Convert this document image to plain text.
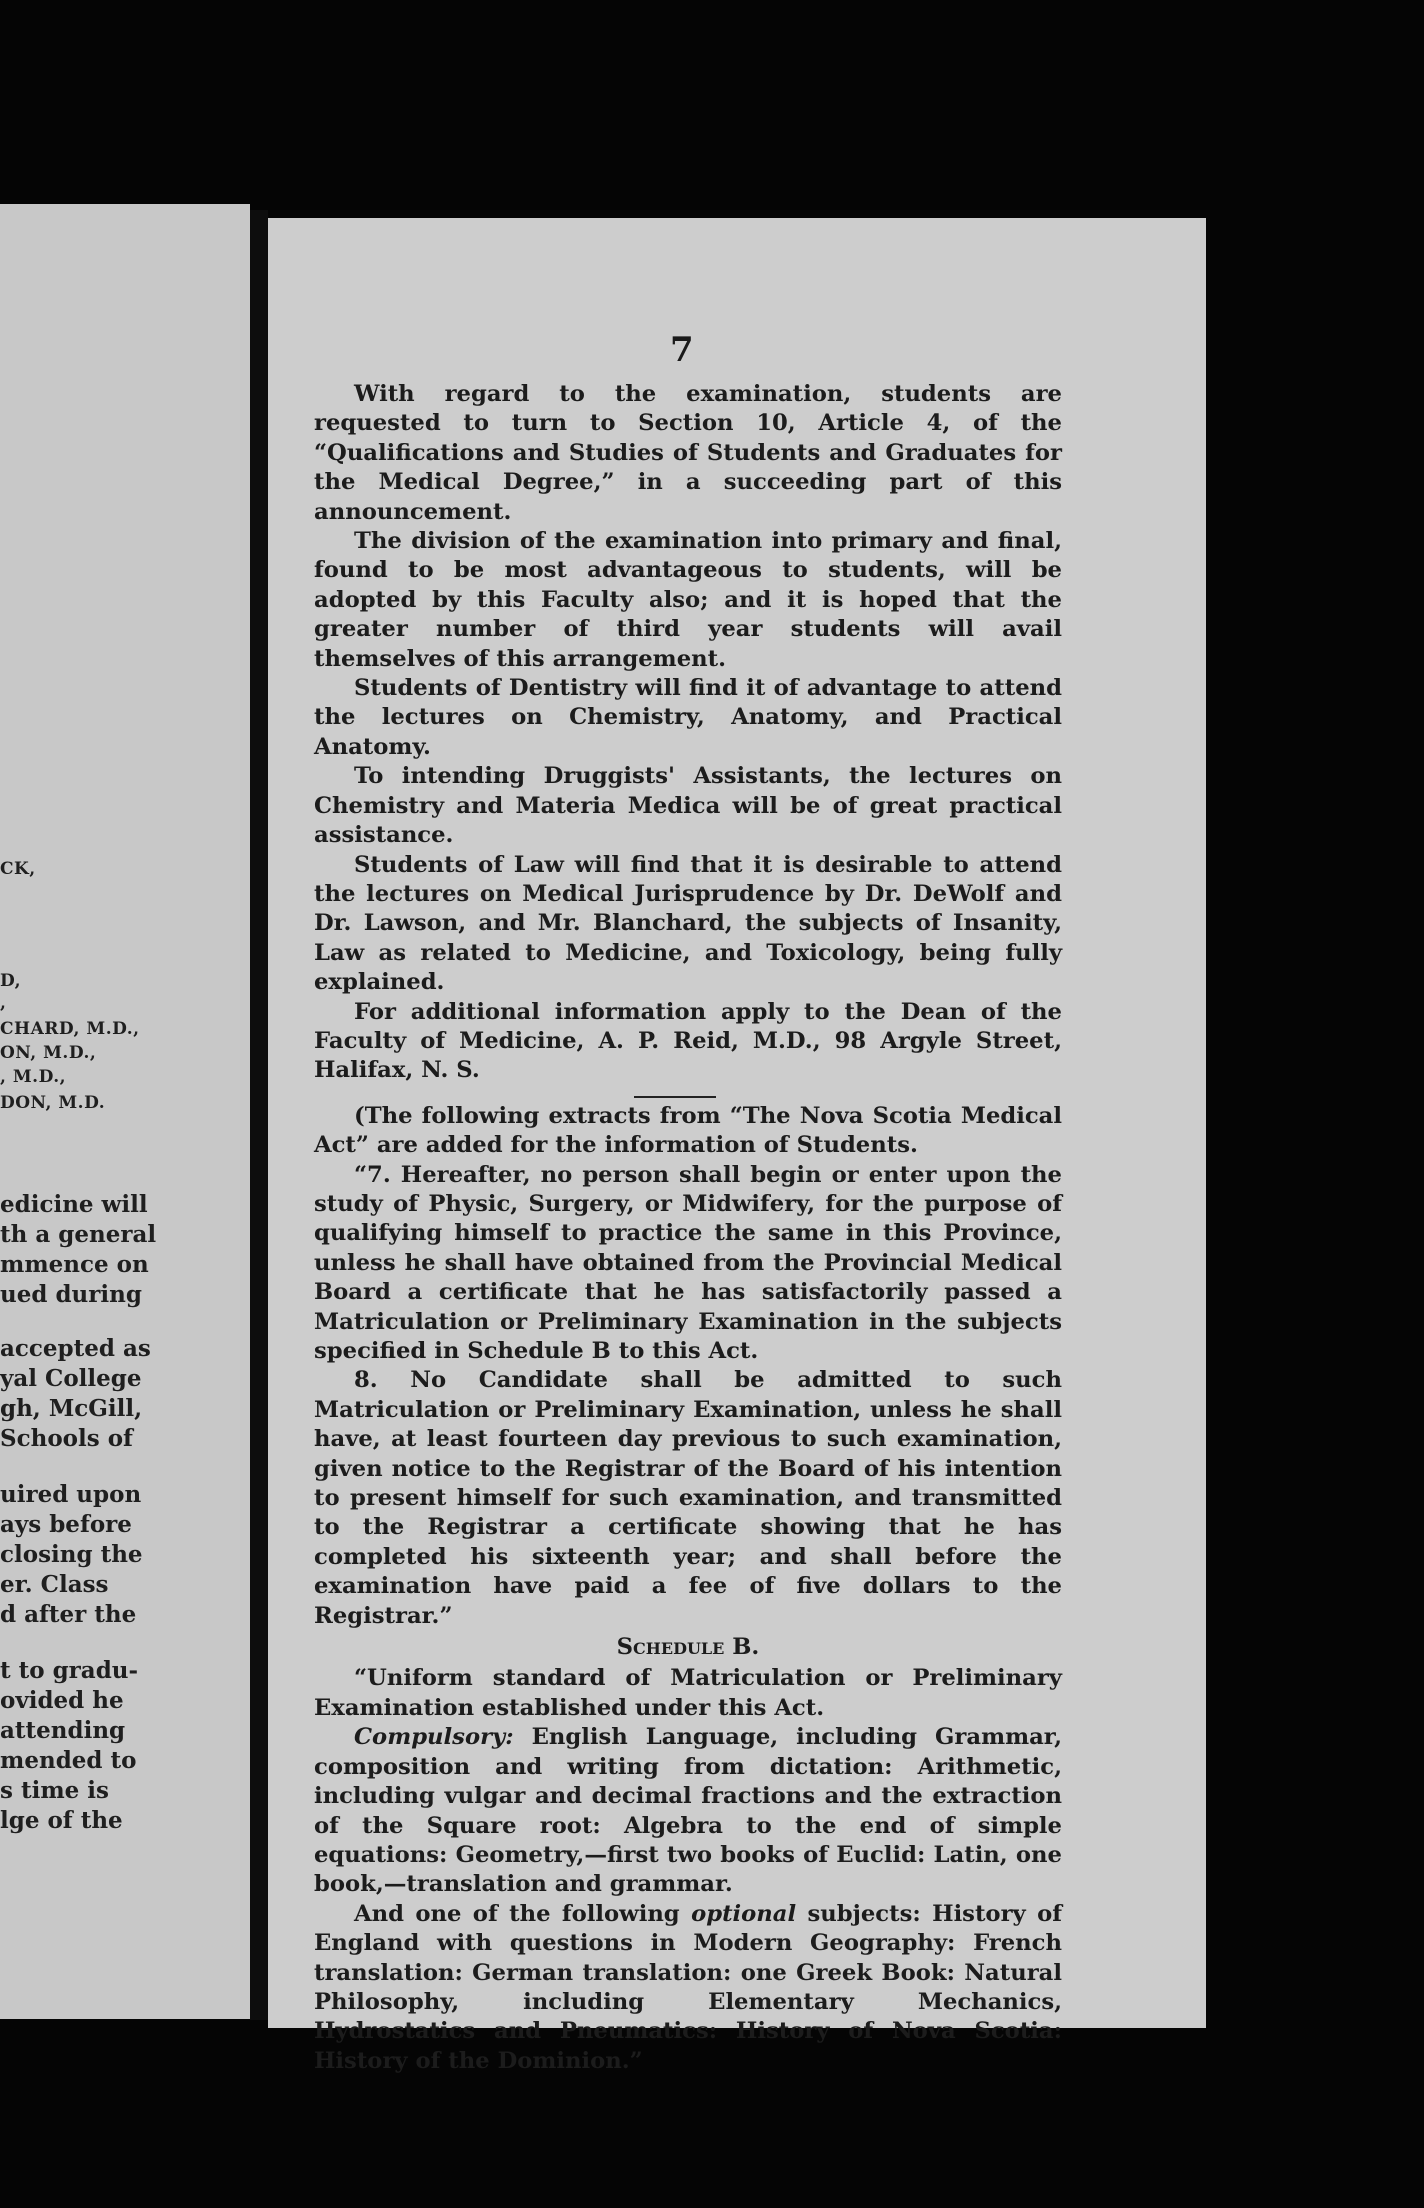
CK,
D,
,
CHARD, M.D.,
ON, M.D.,
, M.D.,
DON, M.D.
edicine will
th a general
mmence on
ued during
accepted as
yal College
gh, McGill,
Schools of
uired upon
ays before
closing the
er. Class
d after the
t to gradu-
ovided he
attending
mended to
s time is
lge of the
7

With regard to the examination, students are requested to turn to Section 10, Article 4, of the “Qualifications and Studies of Students and Graduates for the Medical Degree,” in a succeeding part of this announcement.

The division of the examination into primary and final, found to be most advantageous to students, will be adopted by this Faculty also; and it is hoped that the greater number of third year students will avail themselves of this arrangement.

Students of Dentistry will find it of advantage to attend the lectures on Chemistry, Anatomy, and Practical Anatomy.

To intending Druggists' Assistants, the lectures on Chemistry and Materia Medica will be of great practical assistance.

Students of Law will find that it is desirable to attend the lectures on Medical Jurisprudence by Dr. DeWolf and Dr. Lawson, and Mr. Blanchard, the subjects of Insanity, Law as related to Medicine, and Toxicology, being fully explained.

For additional information apply to the Dean of the Faculty of Medicine, A. P. Reid, M.D., 98 Argyle Street, Halifax, N. S.

(The following extracts from “The Nova Scotia Medical Act” are added for the information of Students.

“7. Hereafter, no person shall begin or enter upon the study of Physic, Surgery, or Midwifery, for the purpose of qualifying himself to practice the same in this Province, unless he shall have obtained from the Provincial Medical Board a certificate that he has satisfactorily passed a Matriculation or Preliminary Examination in the subjects specified in Schedule B to this Act.

8. No Candidate shall be admitted to such Matriculation or Preliminary Examination, unless he shall have, at least fourteen day previous to such examination, given notice to the Registrar of the Board of his intention to present himself for such examination, and transmitted to the Registrar a certificate showing that he has completed his sixteenth year; and shall before the examination have paid a fee of five dollars to the Registrar.”

Schedule B.

“Uniform standard of Matriculation or Preliminary Examination established under this Act.

Compulsory: English Language, including Grammar, composition and writing from dictation: Arithmetic, including vulgar and decimal fractions and the extraction of the Square root: Algebra to the end of simple equations: Geometry,—first two books of Euclid: Latin, one book,—translation and grammar.

And one of the following optional subjects: History of England with questions in Modern Geography: French translation: German translation: one Greek Book: Natural Philosophy, including Elementary Mechanics, Hydrostatics and Pneumatics: History of Nova Scotia: History of the Dominion.”
